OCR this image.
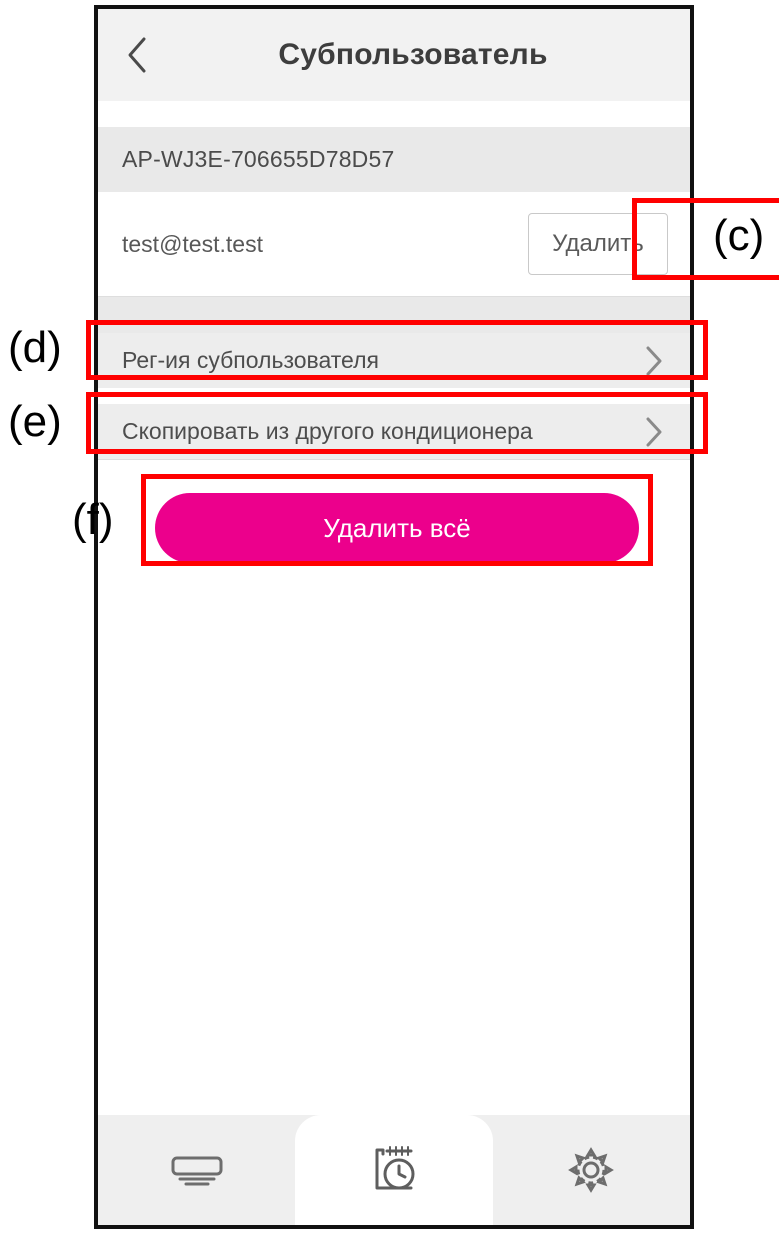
Субпользователь
AP-WJ3E-706655D78D57
test@test.test	Удалить
Рег-ия субпользователя
Скопировать из другого кондиционера
Удалить всё
(c)
(d)
(e)
(f)
